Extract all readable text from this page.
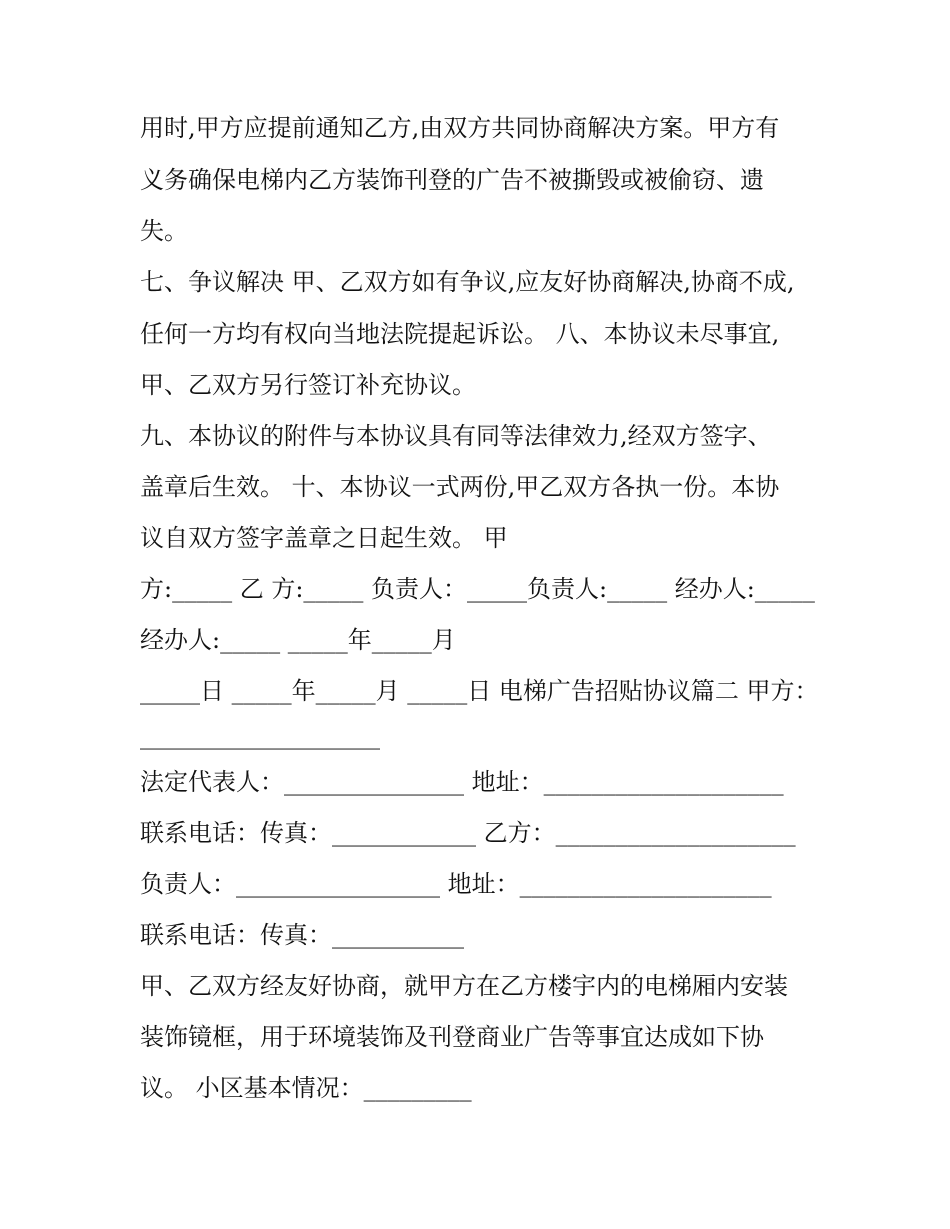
用时,甲方应提前通知乙方,由双方共同协商解决方案。甲方有
义务确保电梯内乙方装饰刊登的广告不被撕毁或被偷窃、遗
失。
七、争议解决 甲、乙双方如有争议,应友好协商解决,协商不成,
任何一方均有权向当地法院提起诉讼。 八、本协议未尽事宜,
甲、乙双方另行签订补充协议。
九、本协议的附件与本协议具有同等法律效力,经双方签字、
盖章后生效。 十、本协议一式两份,甲乙双方各执一份。本协
议自双方签字盖章之日起生效。 甲
方:_____ 乙 方:_____ 负责人：_____负责人:_____ 经办人:_____
经办人:_____ _____年_____月
_____日 _____年_____月 _____日 电梯广告招贴协议篇二 甲方：
____________________
法定代表人：_______________ 地址：____________________
联系电话：传真：____________ 乙方：____________________
负责人：_________________ 地址：_____________________
联系电话：传真：___________
甲、乙双方经友好协商，就甲方在乙方楼宇内的电梯厢内安装
装饰镜框，用于环境装饰及刊登商业广告等事宜达成如下协
议。 小区基本情况：_________
